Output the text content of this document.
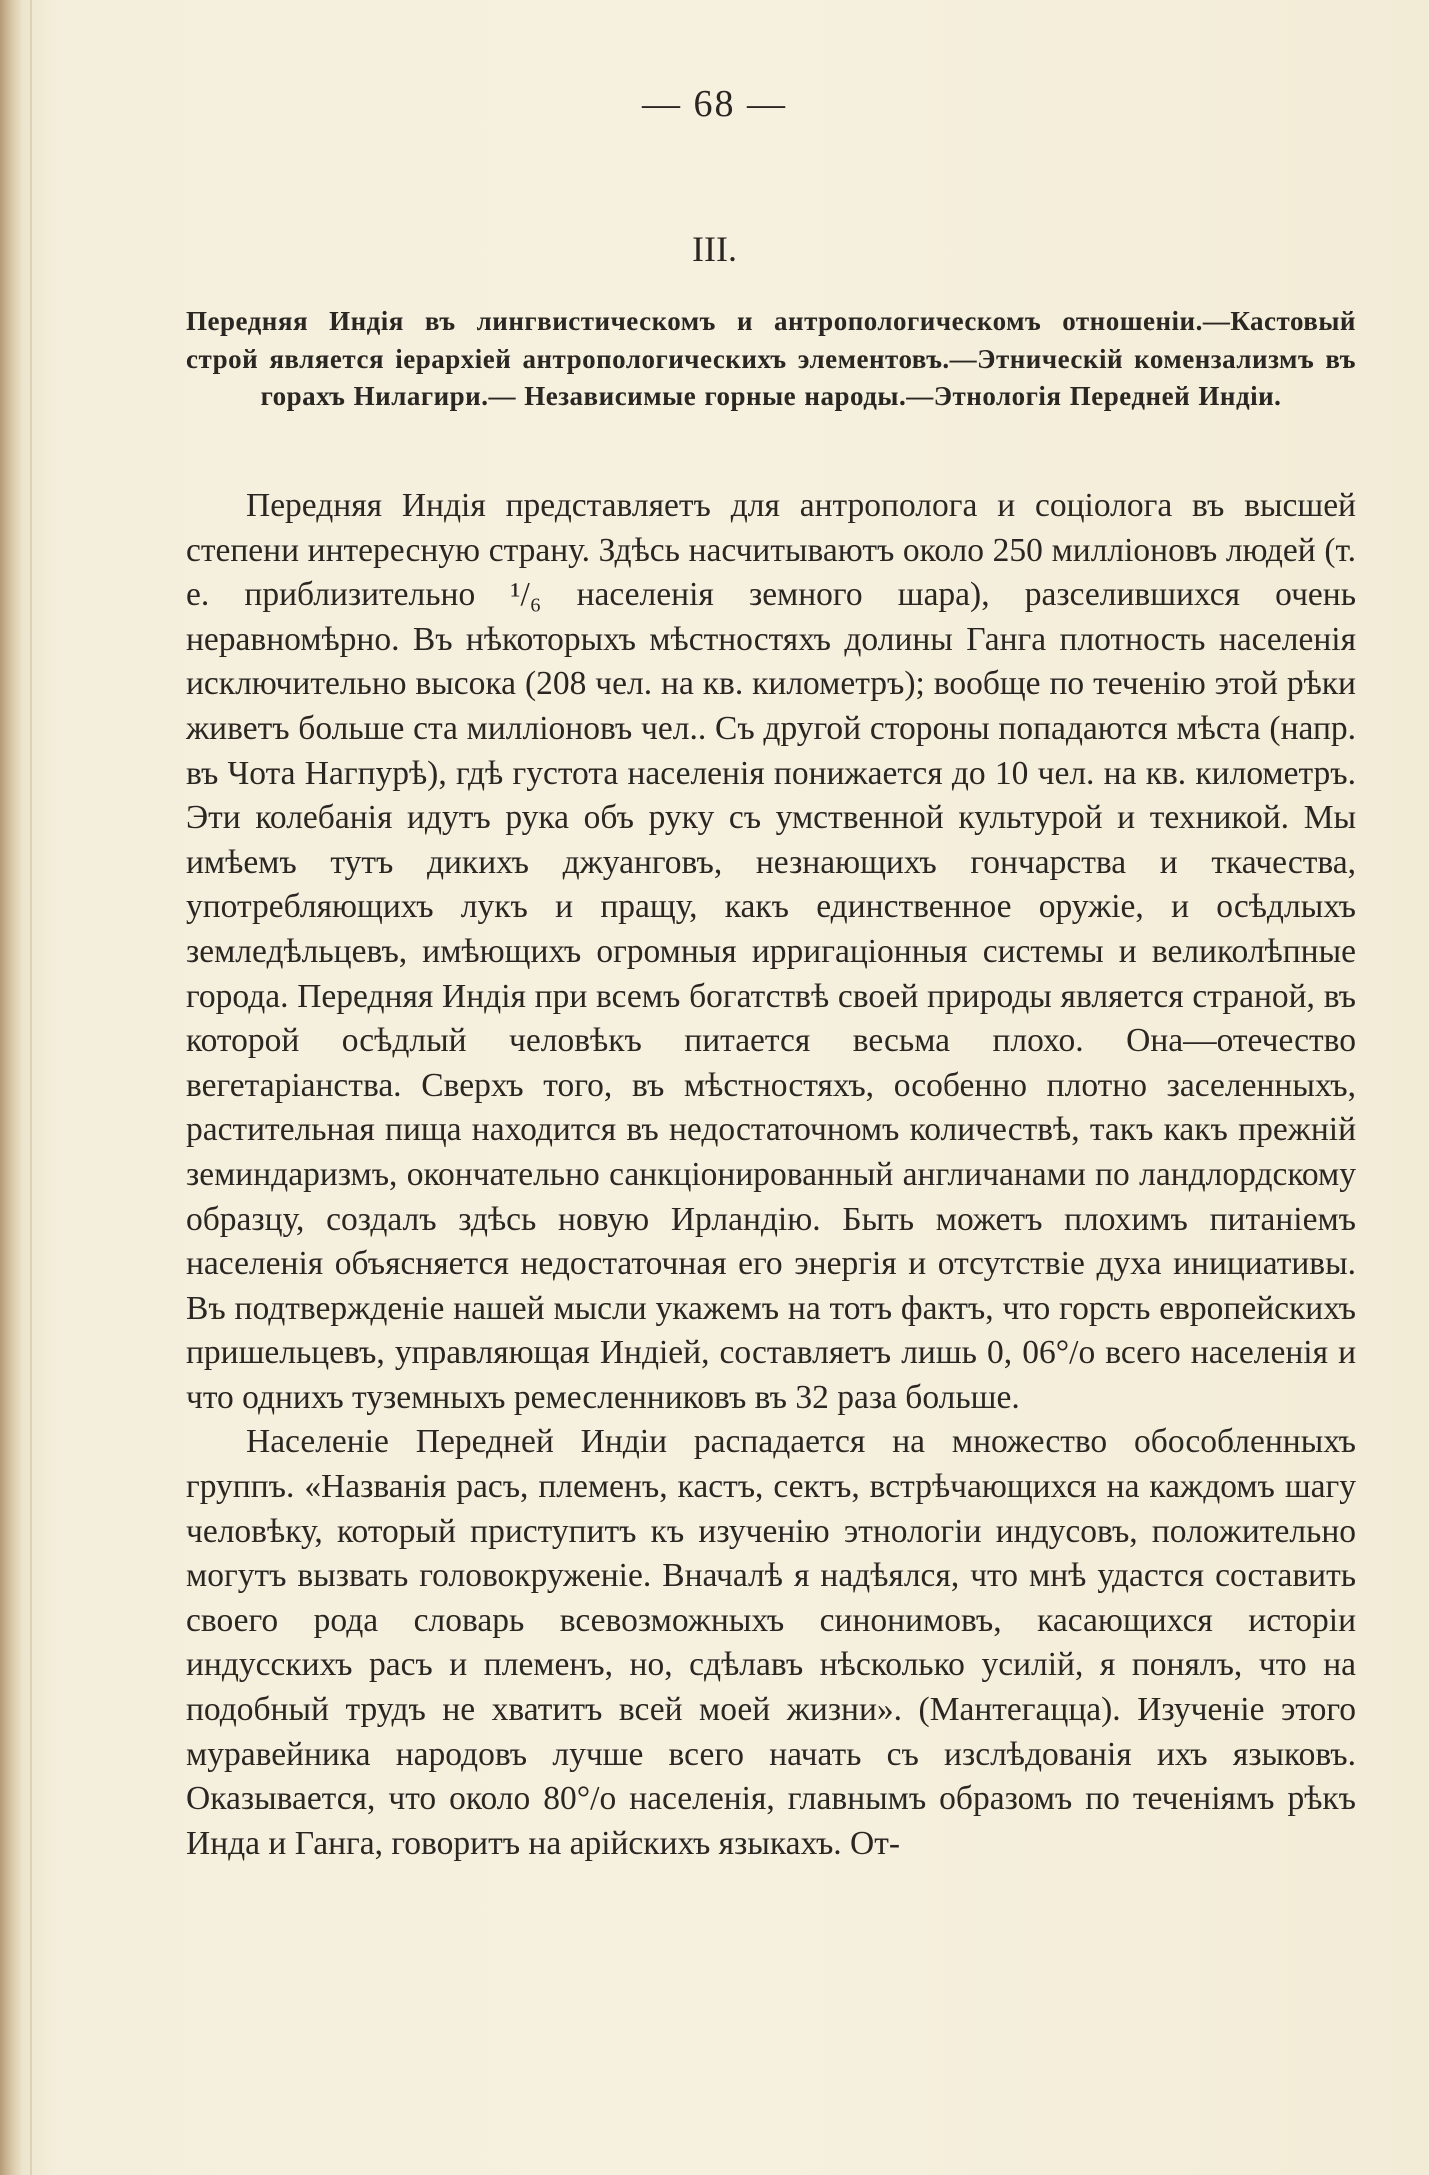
— 68 —
III.
Передняя Индія въ лингвистическомъ и антропологическомъ отношеніи.—Кастовый строй является іерархіей антропологическихъ элементовъ.—Этническій комензализмъ въ горахъ Нилагири.— Независимые горные народы.—Этнологія Передней Индіи.

Передняя Индія представляетъ для антрополога и соціолога въ высшей степени интересную страну. Здѣсь насчитываютъ около 250 милліоновъ людей (т. е. приблизительно ¹/₆ населенія земного шара), разселившихся очень неравномѣрно. Въ нѣкоторыхъ мѣстностяхъ долины Ганга плотность населенія исключительно высока (208 чел. на кв. километръ); вообще по теченію этой рѣки живетъ больше ста милліоновъ чел.. Съ другой стороны попадаются мѣста (напр. въ Чота Нагпурѣ), гдѣ густота населенія понижается до 10 чел. на кв. километръ. Эти колебанія идутъ рука объ руку съ умственной культурой и техникой. Мы имѣемъ тутъ дикихъ джуанговъ, незнающихъ гончарства и ткачества, употребляющихъ лукъ и пращу, какъ единственное оружіе, и осѣдлыхъ земледѣльцевъ, имѣющихъ огромныя ирригаціонныя системы и великолѣпные города. Передняя Индія при всемъ богатствѣ своей природы является страной, въ которой осѣдлый человѣкъ питается весьма плохо. Она—отечество вегетаріанства. Сверхъ того, въ мѣстностяхъ, особенно плотно заселенныхъ, растительная пища находится въ недостаточномъ количествѣ, такъ какъ прежній земиндаризмъ, окончательно санкціонированный англичанами по ландлордскому образцу, создалъ здѣсь новую Ирландію. Быть можетъ плохимъ питаніемъ населенія объясняется недостаточная его энергія и отсутствіе духа инициативы. Въ подтвержденіе нашей мысли укажемъ на тотъ фактъ, что горсть европейскихъ пришельцевъ, управляющая Индіей, составляетъ лишь 0, 06°/о всего населенія и что однихъ туземныхъ ремесленниковъ въ 32 раза больше.

Населеніе Передней Индіи распадается на множество обособленныхъ группъ. «Названія расъ, племенъ, кастъ, сектъ, встрѣчающихся на каждомъ шагу человѣку, который приступитъ къ изученію этнологіи индусовъ, положительно могутъ вызвать головокруженіе. Вначалѣ я надѣялся, что мнѣ удастся составить своего рода словарь всевозможныхъ синонимовъ, касающихся исторіи индусскихъ расъ и племенъ, но, сдѣлавъ нѣсколько усилій, я понялъ, что на подобный трудъ не хватитъ всей моей жизни». (Мантегацца). Изученіе этого муравейника народовъ лучше всего начать съ изслѣдованія ихъ языковъ. Оказывается, что около 80°/о населенія, главнымъ образомъ по теченіямъ рѣкъ Инда и Ганга, говоритъ на арійскихъ языкахъ. От-
